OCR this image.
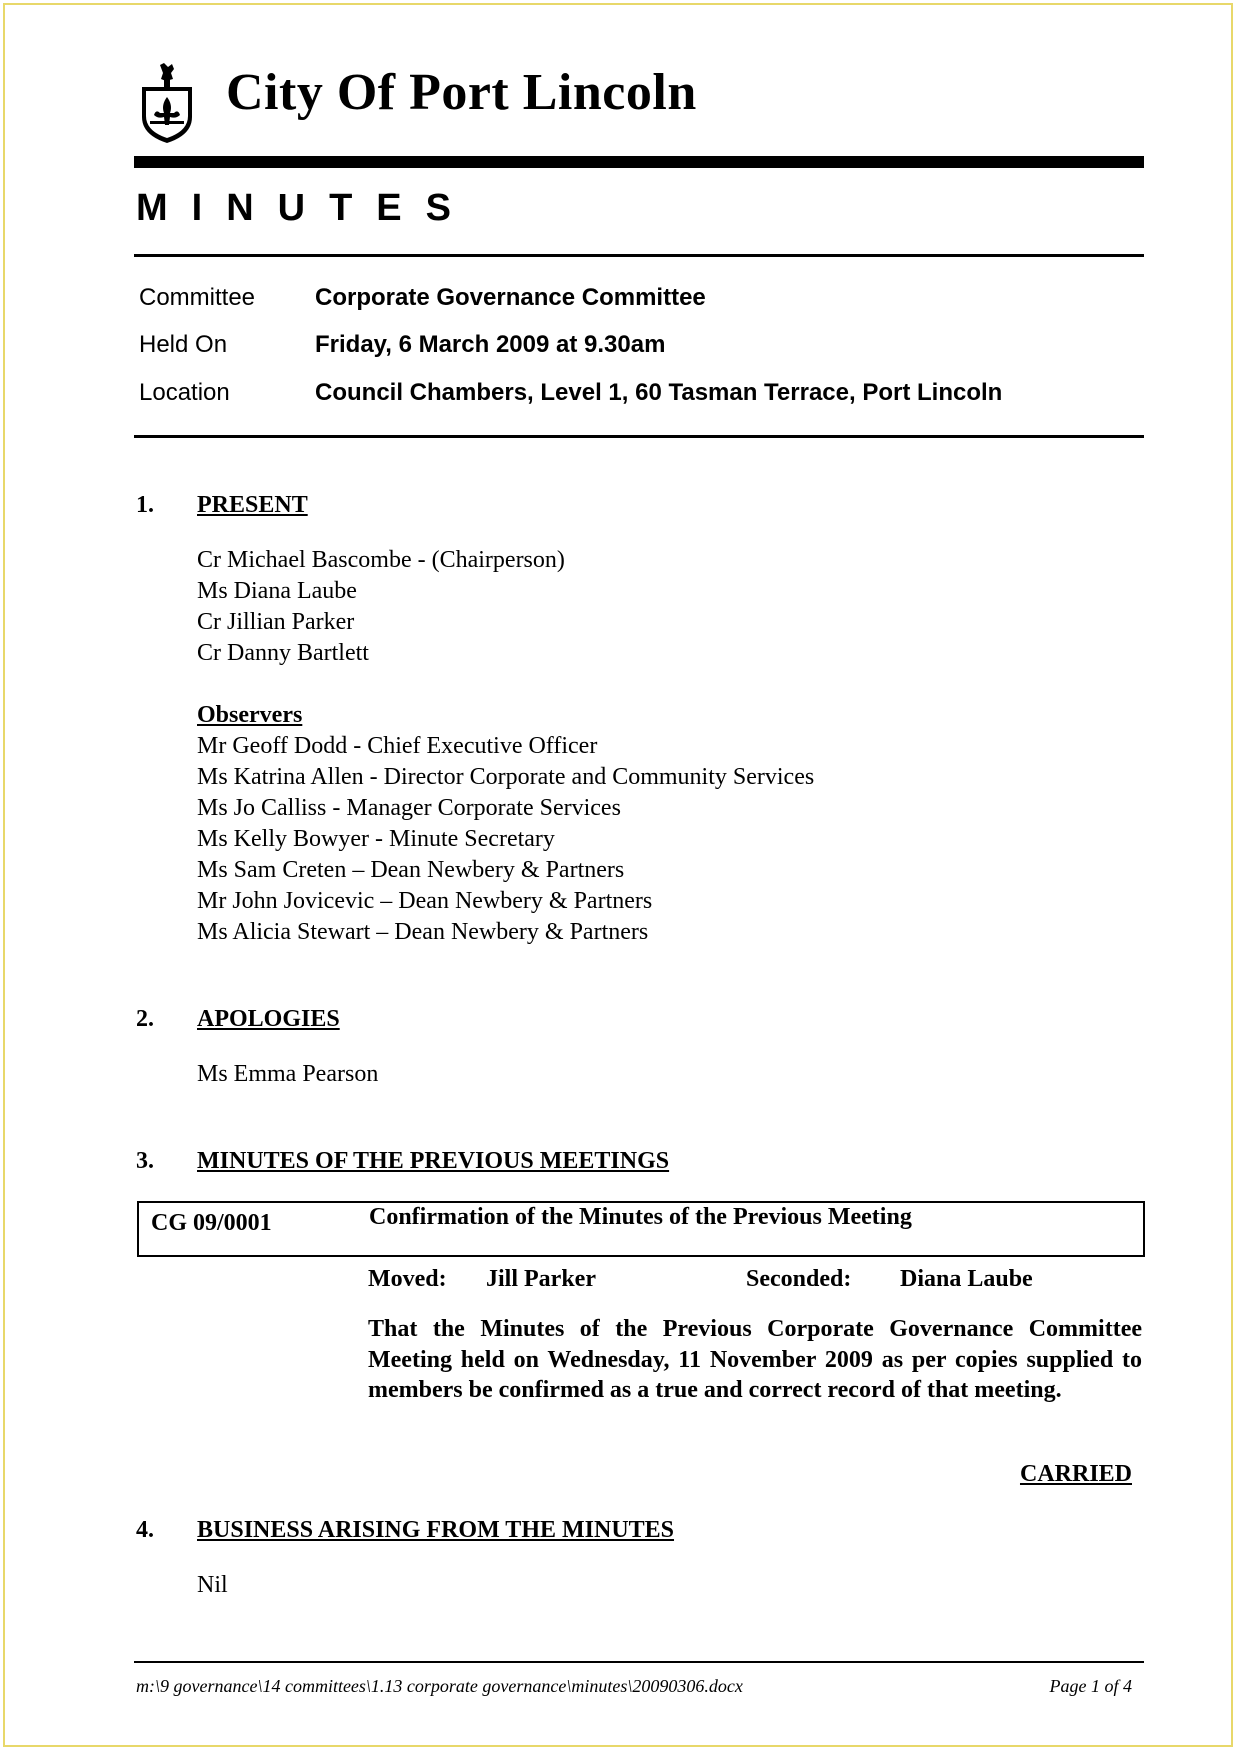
City Of Port Lincoln
MINUTES
Committee Corporate Governance Committee
Held On	Friday, 6 March 2009 at 9.30am
Location	Council Chambers, Level 1, 60 Tasman Terrace, Port Lincoln
1. PRESENT
Cr Michael Bascombe - (Chairperson)
Ms Diana Laube
Cr Jillian Parker
Cr Danny Bartlett
Observers
Mr Geoff Dodd - Chief Executive Officer
Ms Katrina Allen - Director Corporate and Community Services
Ms Jo Calliss - Manager Corporate Services
Ms Kelly Bowyer - Minute Secretary
Ms Sam Creten – Dean Newbery & Partners
Mr John Jovicevic – Dean Newbery & Partners
Ms Alicia Stewart – Dean Newbery & Partners
2. APOLOGIES
Ms Emma Pearson
3. MINUTES OF THE PREVIOUS MEETINGS
CG 09/0001	Confirmation of the Minutes of the Previous Meeting
Moved: Jill Parker	Seconded: Diana Laube
That the Minutes of the Previous Corporate Governance Committee Meeting held on Wednesday, 11 November 2009 as per copies supplied to members be confirmed as a true and correct record of that meeting.
CARRIED
4. BUSINESS ARISING FROM THE MINUTES
Nil
m:\9 governance\14 committees\1.13 corporate governance\minutes\20090306.docx	Page 1 of 4
